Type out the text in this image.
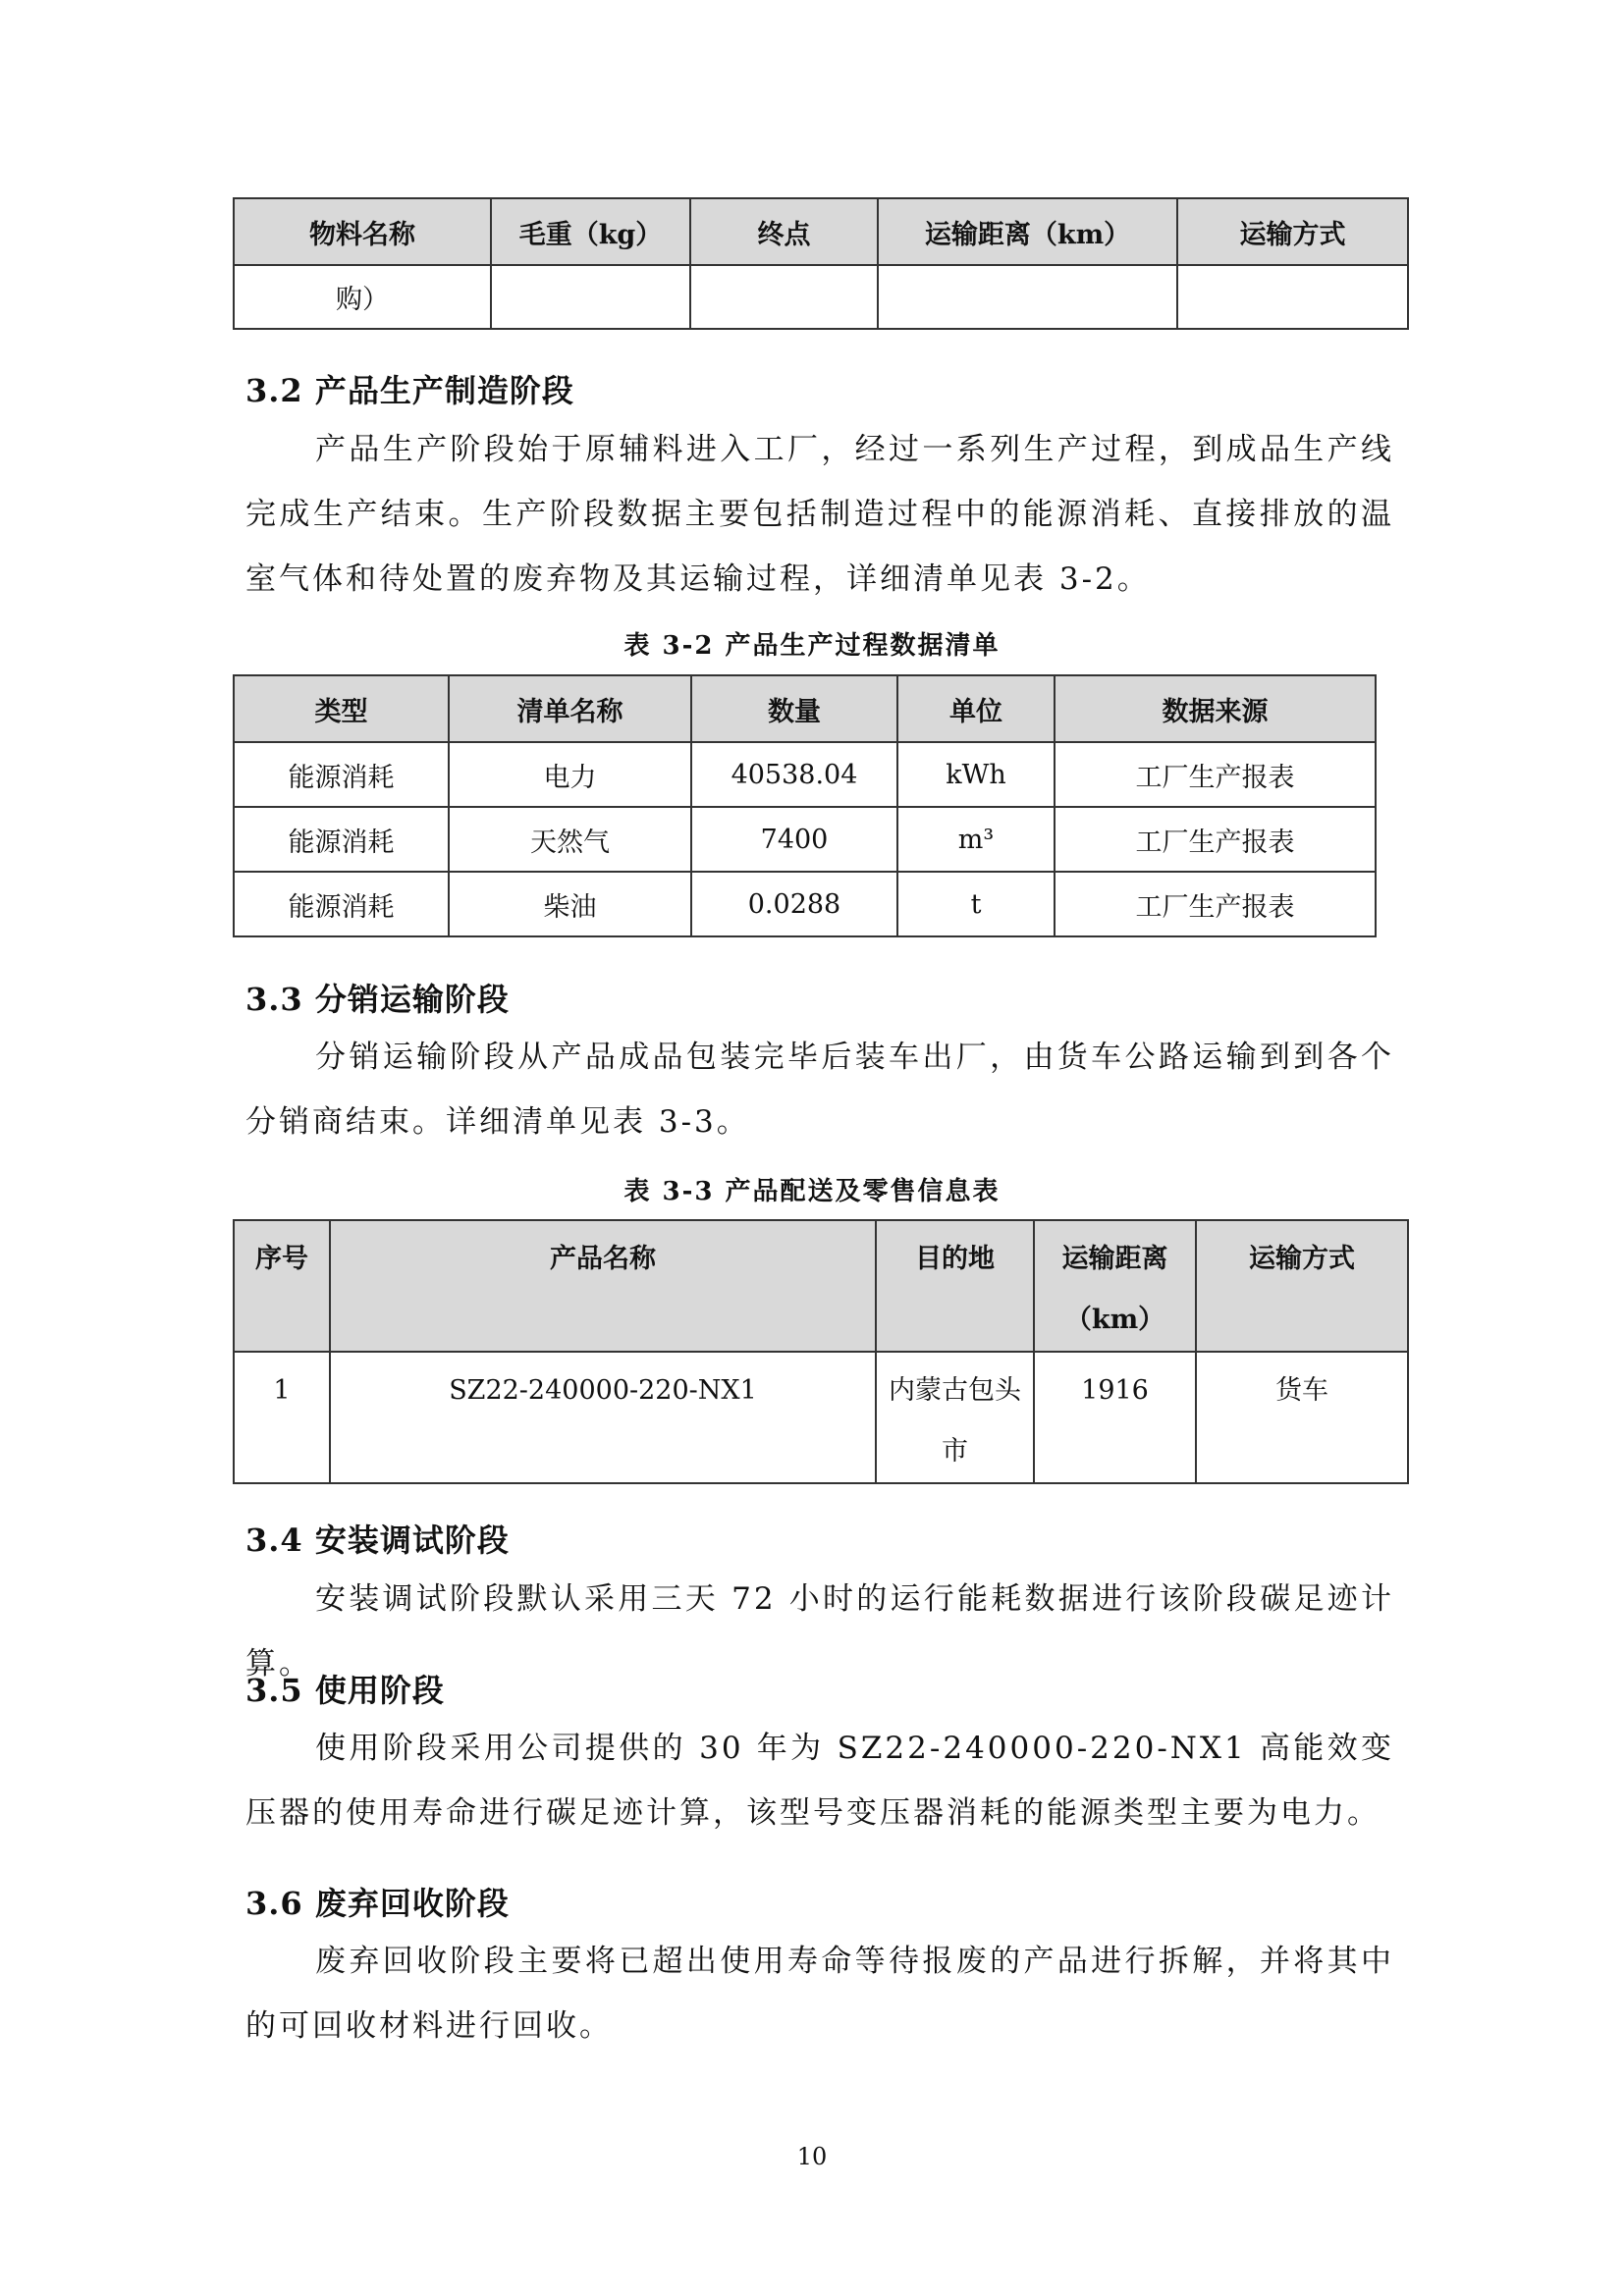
物料名称	毛重（kg）	终点	运输距离（km）	运输方式
购）				
3.2 产品生产制造阶段

产品生产阶段始于原辅料进入工厂，经过一系列生产过程，到成品生产线完成生产结束。生产阶段数据主要包括制造过程中的能源消耗、直接排放的温室气体和待处置的废弃物及其运输过程，详细清单见表 3-2。

表 3-2 产品生产过程数据清单
类型	清单名称	数量	单位	数据来源
能源消耗	电力	40538.04	kWh	工厂生产报表
能源消耗	天然气	7400	m³	工厂生产报表
能源消耗	柴油	0.0288	t	工厂生产报表
3.3 分销运输阶段

分销运输阶段从产品成品包装完毕后装车出厂，由货车公路运输到到各个分销商结束。详细清单见表 3-3。

表 3-3 产品配送及零售信息表
序号	产品名称	目的地	运输距离（km）	运输方式
1	SZ22-240000-220-NX1	内蒙古包头市	1916	货车
3.4 安装调试阶段

安装调试阶段默认采用三天 72 小时的运行能耗数据进行该阶段碳足迹计算。

3.5 使用阶段

使用阶段采用公司提供的 30 年为 SZ22-240000-220-NX1 高能效变压器的使用寿命进行碳足迹计算，该型号变压器消耗的能源类型主要为电力。

3.6 废弃回收阶段

废弃回收阶段主要将已超出使用寿命等待报废的产品进行拆解，并将其中的可回收材料进行回收。

10
